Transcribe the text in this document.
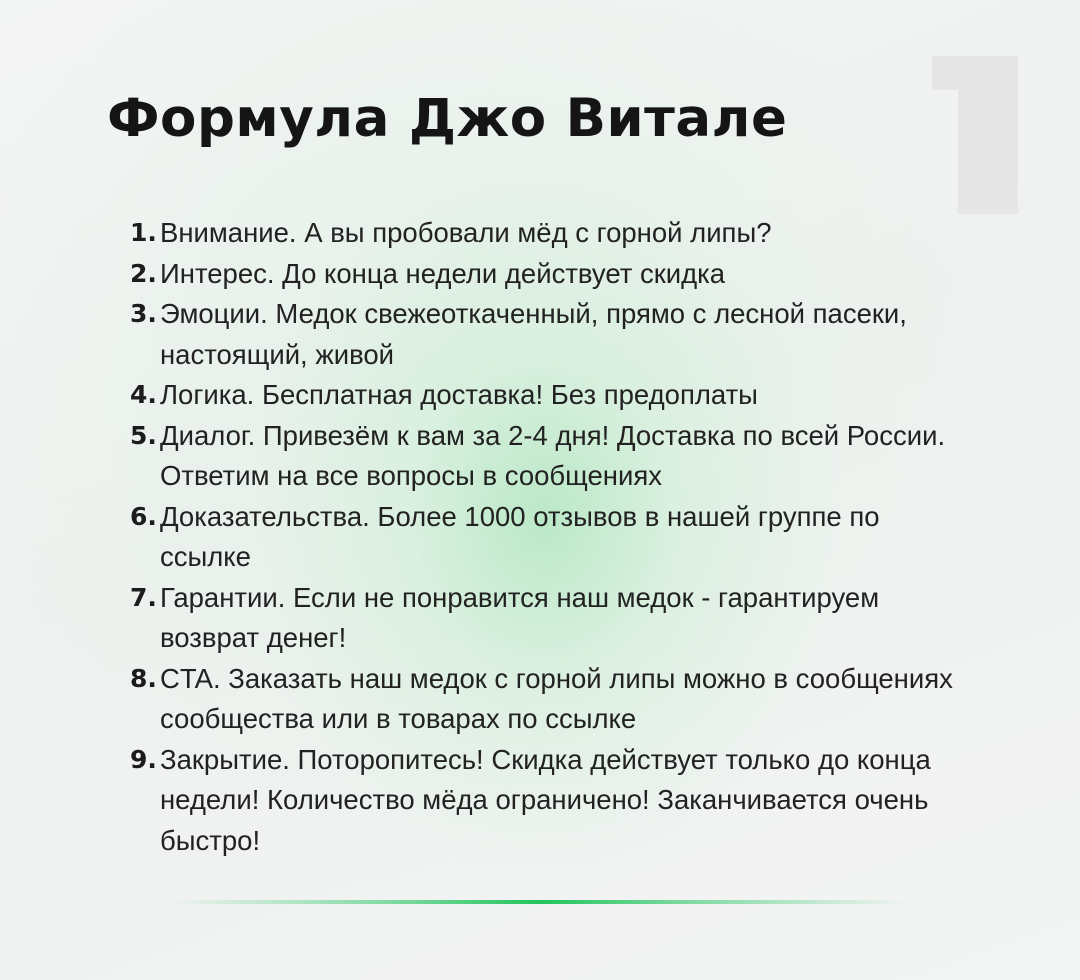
Формула Джо Витале
1. Внимание. А вы пробовали мёд с горной липы?
2. Интерес. До конца недели действует скидка
3. Эмоции. Медок свежеоткаченный, прямо с лесной пасеки, настоящий, живой
4. Логика. Бесплатная доставка! Без предоплаты
5. Диалог. Привезём к вам за 2-4 дня! Доставка по всей России. Ответим на все вопросы в сообщениях
6. Доказательства. Более 1000 отзывов в нашей группе по ссылке
7. Гарантии. Если не понравится наш медок - гарантируем возврат денег!
8. CTA. Заказать наш медок с горной липы можно в сообщениях сообщества или в товарах по ссылке
9. Закрытие. Поторопитесь! Скидка действует только до конца недели! Количество мёда ограничено! Заканчивается очень быстро!
